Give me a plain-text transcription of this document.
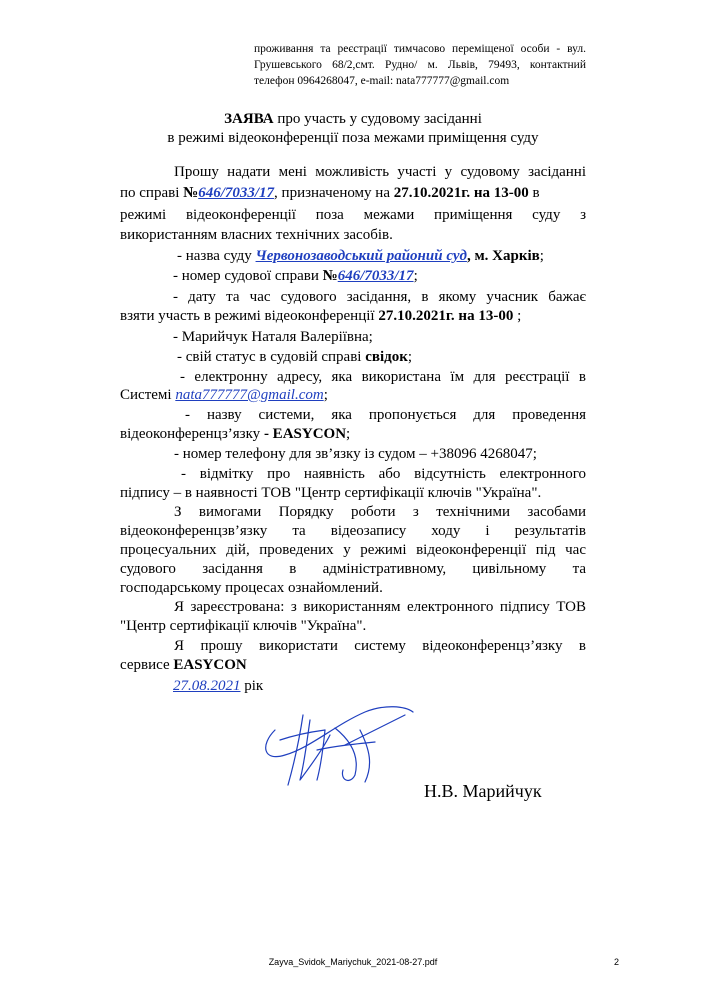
проживання та реєстрації тимчасово переміщеної особи - вул.
Грушевського 68/2,смт. Рудно/ м. Львів, 79493, контактний
телефон 0964268047, e-mail: nata777777@gmail.com
ЗАЯВА про участь у судовому засіданні
в режимі відеоконференції поза межами приміщення суду
Прошу надати мені можливість участі у судовому засіданні
по справі №646/7033/17, призначеному на 27.10.2021г. на 13-00 в
режимі відеоконференції поза межами приміщення суду з
використанням власних технічних засобів.
- назва суду Червонозаводський районий суд, м. Харків;
- номер судової справи №646/7033/17;
- дату та час судового засідання, в якому учасник бажає
взяти участь в режимі відеоконференції 27.10.2021г. на 13-00 ;
- Марийчук Наталя Валеріївна;
- свій статус в судовій справі свідок;
- електронну адресу, яка використана їм для реєстрації в
Системі nata777777@gmail.com;
- назву системи, яка пропонується для проведення
відеоконференцз’язку - EASYCON;
- номер телефону для зв’язку із судом – +38096 4268047;
- відмітку про наявність або відсутність електронного
підпису – в наявності ТОВ "Центр сертифікації ключів "Україна".
З вимогами Порядку роботи з технічними засобами
відеоконференцзв’язку та відеозапису ходу і результатів
процесуальних дій, проведених у режимі відеоконференції під час
судового засідання в адміністративному, цивільному та
господарському процесах ознайомлений.
Я зареєстрована: з використанням електронного підпису ТОВ
"Центр сертифікації ключів "Україна".
Я прошу використати систему відеоконференцз’язку в
сервисе EASYCON
27.08.2021 рік
Н.В. Марийчук
Zayva_Svidok_Mariychuk_2021-08-27.pdf	2
